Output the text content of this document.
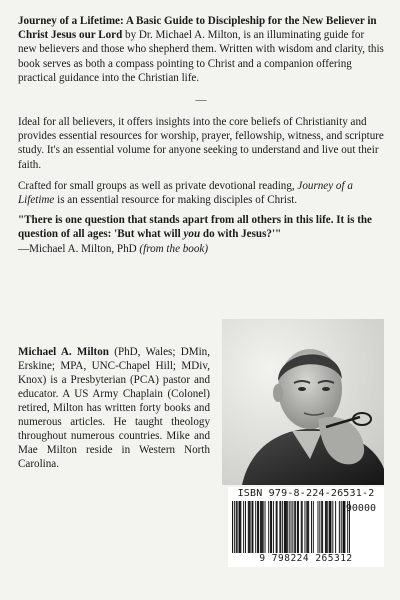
Journey of a Lifetime: A Basic Guide to Discipleship for the New Believer in Christ Jesus our Lord by Dr. Michael A. Milton, is an illuminating guide for new believers and those who shepherd them. Written with wisdom and clarity, this book serves as both a compass pointing to Christ and a companion offering practical guidance into the Christian life.

—

Ideal for all believers, it offers insights into the core beliefs of Christianity and provides essential resources for worship, prayer, fellowship, witness, and scripture study. It's an essential volume for anyone seeking to understand and live out their faith.

Crafted for small groups as well as private devotional reading, Journey of a Lifetime is an essential resource for making disciples of Christ.

"There is one question that stands apart from all others in this life. It is the question of all ages: 'But what will you do with Jesus?'"

—Michael A. Milton, PhD (from the book)

Michael A. Milton (PhD, Wales; DMin, Erskine; MPA, UNC-Chapel Hill; MDiv, Knox) is a Presbyterian (PCA) pastor and educator. A US Army Chaplain (Colonel) retired, Milton has written forty books and numerous articles. He taught theology throughout numerous countries. Mike and Mae Milton reside in Western North Carolina.

ISBN 979-8-224-26531-2
90000
9 798224 265312
